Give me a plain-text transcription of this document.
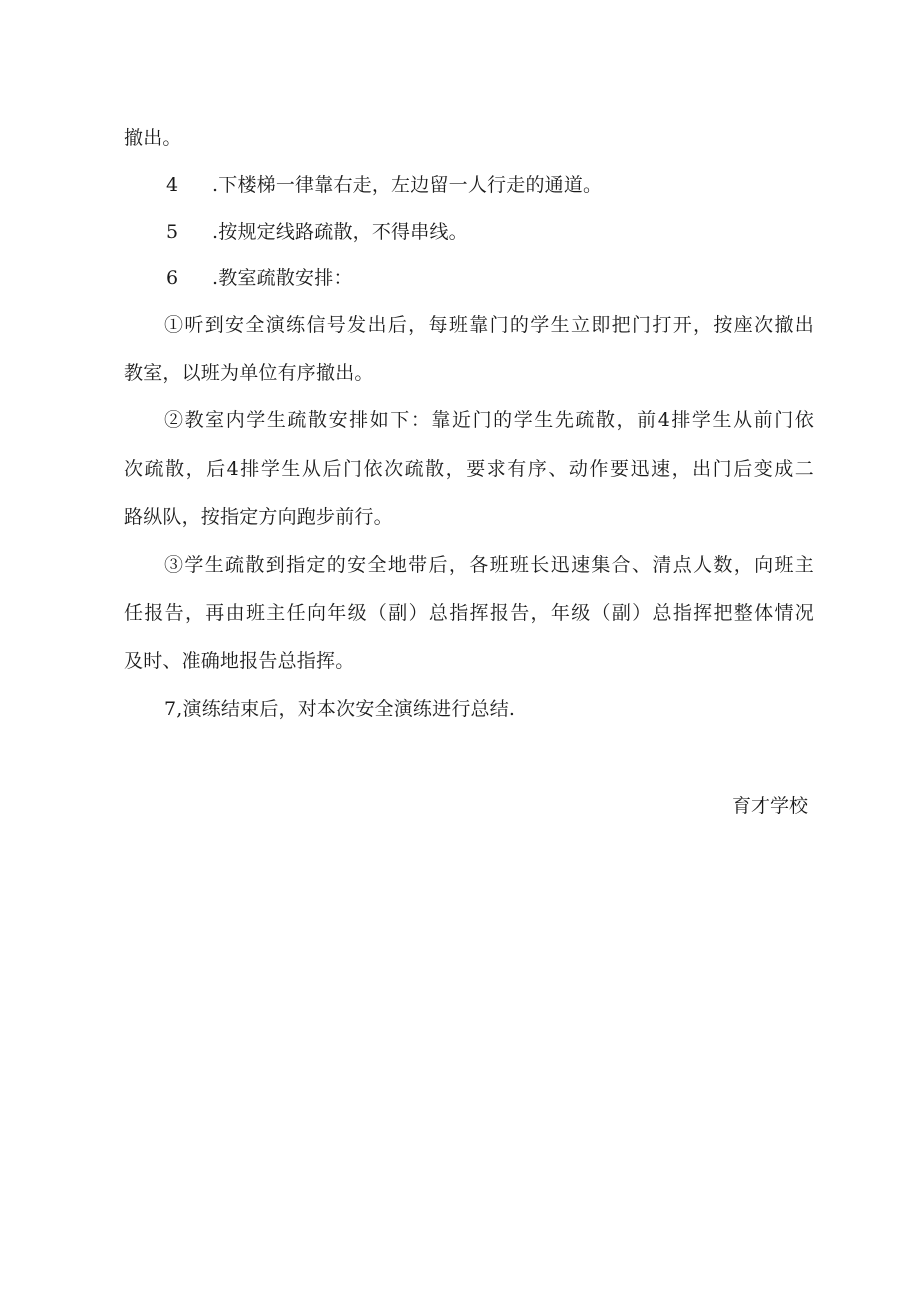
撤出。
4 .下楼梯一律靠右走，左边留一人行走的通道。
5 .按规定线路疏散，不得串线。
6 .教室疏散安排：
①听到安全演练信号发出后，每班靠门的学生立即把门打开，按座次撤出
教室，以班为单位有序撤出。
②教室内学生疏散安排如下：靠近门的学生先疏散，前4排学生从前门依
次疏散，后4排学生从后门依次疏散，要求有序、动作要迅速，出门后变成二
路纵队，按指定方向跑步前行。
③学生疏散到指定的安全地带后，各班班长迅速集合、清点人数，向班主
任报告，再由班主任向年级（副）总指挥报告，年级（副）总指挥把整体情况
及时、准确地报告总指挥。
7,演练结束后，对本次安全演练进行总结.
育才学校
